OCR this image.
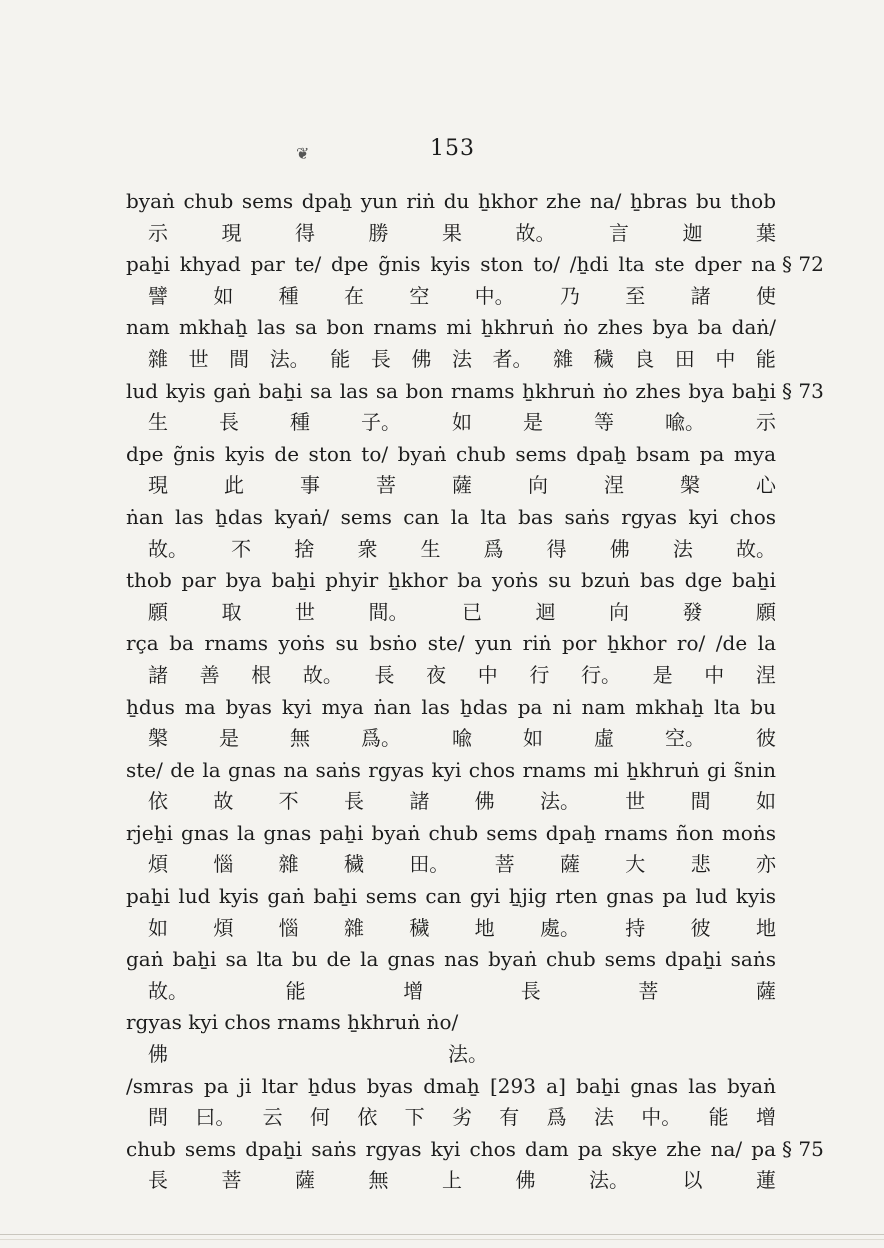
❦	153
byaṅ chub sems dpaẖ yun riṅ du ẖkhor zhe na/ ẖbras bu thob
示	現	得	勝	果	故。	言	迦	葉
paẖi khyad par te/ dpe g̃nis kyis ston to/ /ẖdi lta ste dper na § 72
譬 如 種 在 空 中。 乃 至 諸 使
nam mkhaẖ las sa bon rnams mi ẖkhruṅ ṅo zhes bya ba daṅ/
雜 世 間 法。 能 長 佛 法 者。 雜 穢 良 田 中 能
lud kyis gaṅ baẖi sa las sa bon rnams ẖkhruṅ ṅo zhes bya baẖi § 73
生	長	種	子。	如	是	等	喩。	示
dpe g̃nis kyis de ston to/ byaṅ chub sems dpaẖ bsam pa mya
現	此	事	菩	薩	向	涅	槃	心
ṅan las ẖdas kyaṅ/ sems can la lta bas saṅs rgyas kyi chos
故。 不 捨 衆 生 爲 得 佛 法 故。
thob par bya baẖi phyir ẖkhor ba yoṅs su bzuṅ bas dge baẖi
願	取	世	間。	已	迴	向	發	願
rça ba rnams yoṅs su bsṅo ste/ yun riṅ por ẖkhor ro/ /de la
諸 善 根 故。 長 夜 中 行 行。 是 中 涅
ẖdus ma byas kyi mya ṅan las ẖdas pa ni nam mkhaẖ lta bu
槃	是	無	爲。	喩	如	虛	空。	彼
ste/ de la gnas na saṅs rgyas kyi chos rnams mi ẖkhruṅ gi s̃nin
依 故 不 長 諸 佛 法。 世 間 如
rjeẖi gnas la gnas paẖi byaṅ chub sems dpaẖ rnams ñon moṅs
煩 惱 雜 穢 田。 菩 薩 大 悲 亦
paẖi lud kyis gaṅ baẖi sems can gyi ẖjig rten gnas pa lud kyis
如 煩 惱 雜 穢 地 處。 持 彼 地
gaṅ baẖi sa lta bu de la gnas nas byaṅ chub sems dpaẖi saṅs
故。	能	增	長	菩	薩
rgyas kyi chos rnams ẖkhruṅ ṅo/
佛	法。
/smras pa ji ltar ẖdus byas dmaẖ [293 a] baẖi gnas las byaṅ
問 曰。 云 何 依 下 劣 有 爲 法 中。 能 增
chub sems dpaẖi saṅs rgyas kyi chos dam pa skye zhe na/ pa § 75
長	菩	薩	無	上	佛	法。	以	蓮
